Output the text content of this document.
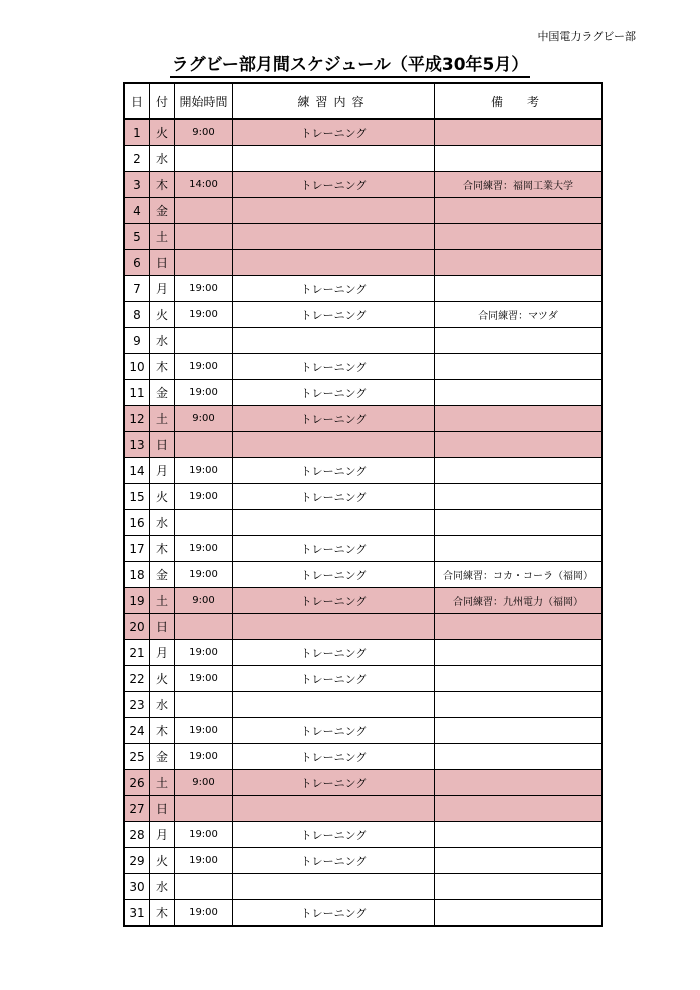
中国電力ラグビー部
ラグビー部月間スケジュール（平成30年5月）
日	付	開始時間	練習内容	備　考
1	火	9:00	トレーニング	
2	水			
3	木	14:00	トレーニング	合同練習：福岡工業大学
4	金			
5	土			
6	日			
7	月	19:00	トレーニング	
8	火	19:00	トレーニング	合同練習：マツダ
9	水			
10	木	19:00	トレーニング	
11	金	19:00	トレーニング	
12	土	9:00	トレーニング	
13	日			
14	月	19:00	トレーニング	
15	火	19:00	トレーニング	
16	水			
17	木	19:00	トレーニング	
18	金	19:00	トレーニング	合同練習：コカ・コーラ（福岡）
19	土	9:00	トレーニング	合同練習：九州電力（福岡）
20	日			
21	月	19:00	トレーニング	
22	火	19:00	トレーニング	
23	水			
24	木	19:00	トレーニング	
25	金	19:00	トレーニング	
26	土	9:00	トレーニング	
27	日			
28	月	19:00	トレーニング	
29	火	19:00	トレーニング	
30	水			
31	木	19:00	トレーニング	
